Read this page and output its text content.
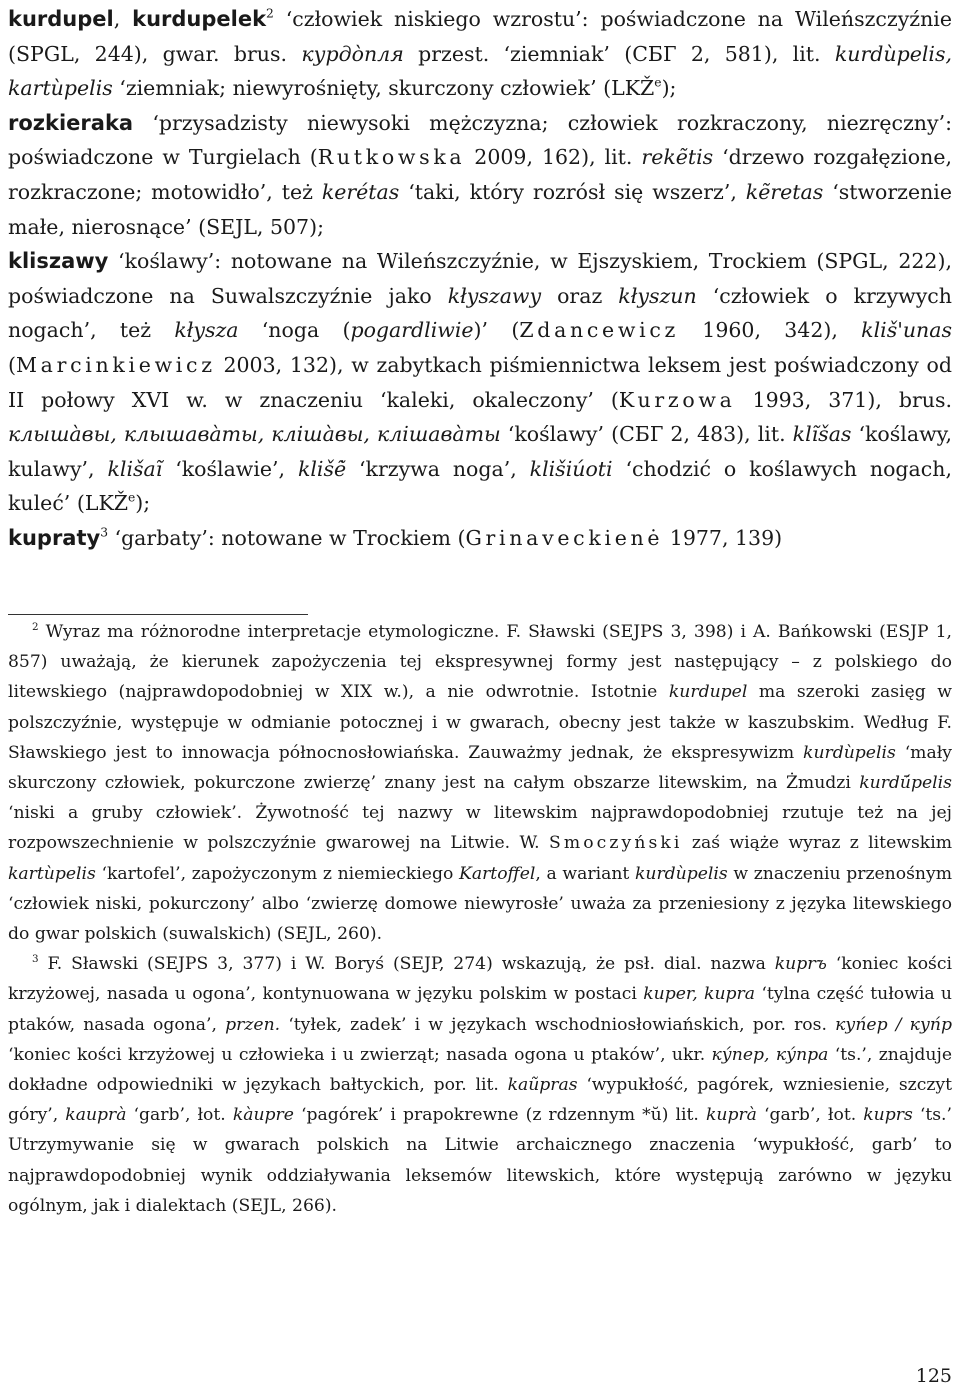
kurdupel, kurdupelek$^2$ ‘człowiek niskiego wzrostu’: poświadczone na Wileńszczyźnie (SPGL, 244), gwar. brus. курдо̀пля przest. ‘ziemniak’ (СБГ 2, 581), lit. kurdùpelis, kartùpelis ‘ziemniak; niewyrośnięty, skurczony człowiek’ (LKŽ$^e$);

rozkieraka ‘przysadzisty niewysoki mężczyzna; człowiek rozkraczony, niezręczny’: poświadczone w Turgielach (Rutkowska 2009, 162), lit. rekẽtis ‘drzewo rozgałęzione, rozkraczone; motowidło’, też kerétas ‘taki, który rozrósł się wszerz’, kẽretas ‘stworzenie małe, nierosnące’ (SEJL, 507);

kliszawy ‘koślawy’: notowane na Wileńszczyźnie, w Ejszyskiem, Trockiem (SPGL, 222), poświadczone na Suwalszczyźnie jako kłyszawy oraz kłyszun ‘człowiek o krzywych nogach’, też kłysza ‘noga (pogardliwie)’ (Zdancewicz 1960, 342), kliš'unas (Marcinkiewicz 2003, 132), w zabytkach piśmiennictwa leksem jest poświadczony od II połowy XVI w. w znaczeniu ‘kaleki, okaleczony’ (Kurzowa 1993, 371), brus. клыша̀вы, клышава̀ты, клiша̀вы, клiшава̀ты ‘koślawy’ (СБГ 2, 483), lit. klı̃šas ‘koślawy, kulawy’, klišaĩ ‘koślawie’, klišė̃ ‘krzywa noga’, klišiúoti ‘chodzić o koślawych nogach, kuleć’ (LKŽ$^e$);

kupraty$^3$ ‘garbaty’: notowane w Trockiem (Grinaveckienė 1977, 139)

$^2$ Wyraz ma różnorodne interpretacje etymologiczne. F. Sławski (SEJPS 3, 398) i A. Bańkowski (ESJP 1, 857) uważają, że kierunek zapożyczenia tej ekspresywnej formy jest następujący – z polskiego do litewskiego (najprawdopodobniej w XIX w.), a nie odwrotnie. Istotnie kurdupel ma szeroki zasięg w polszczyźnie, występuje w odmianie potocznej i w gwarach, obecny jest także w kaszubskim. Według F. Sławskiego jest to innowacja północnosłowiańska. Zauważmy jednak, że ekspresywizm kurdùpelis ‘mały skurczony człowiek, pokurczone zwierzę’ znany jest na całym obszarze litewskim, na Żmudzi kurdū́pelis ‘niski a gruby człowiek’. Żywotność tej nazwy w litewskim najprawdopodobniej rzutuje też na jej rozpowszechnienie w polszczyźnie gwarowej na Litwie. W. Smoczyński zaś wiąże wyraz z litewskim kartùpelis ‘kartofel’, zapożyczonym z niemieckiego Kartoffel, a wariant kurdùpelis w znaczeniu przenośnym ‘człowiek niski, pokurczony’ albo ‘zwierzę domowe niewyrosłe’ uważa za przeniesiony z języka litewskiego do gwar polskich (suwalskich) (SEJL, 260).

$^3$ F. Sławski (SEJPS 3, 377) i W. Boryś (SEJP, 274) wskazują, że psł. dial. nazwa kuprъ ‘koniec kości krzyżowej, nasada u ogona’, kontynuowana w języku polskim w postaci kuper, kupra ‘tylna część tułowia u ptaków, nasada ogona’, przen. ‘tyłek, zadek’ i w językach wschodniosłowiańskich, por. ros. куп́ер / куп́р ‘koniec kości krzyżowej u człowieka i u zwierząt; nasada ogona u ptaków’, ukr. ку́пер, ку́пра ‘ts.’, znajduje dokładne odpowiedniki w językach bałtyckich, por. lit. kaũpras ‘wypukłość, pagórek, wzniesienie, szczyt góry’, kauprà ‘garb’, łot. kàupre ‘pagórek’ i prapokrewne (z rdzennym *ŭ) lit. kuprà ‘garb’, łot. kuprs ‘ts.’ Utrzymywanie się w gwarach polskich na Litwie archaicznego znaczenia ‘wypukłość, garb’ to najprawdopodobniej wynik oddziaływania leksemów litewskich, które występują zarówno w języku ogólnym, jak i dialektach (SEJL, 266).

125
